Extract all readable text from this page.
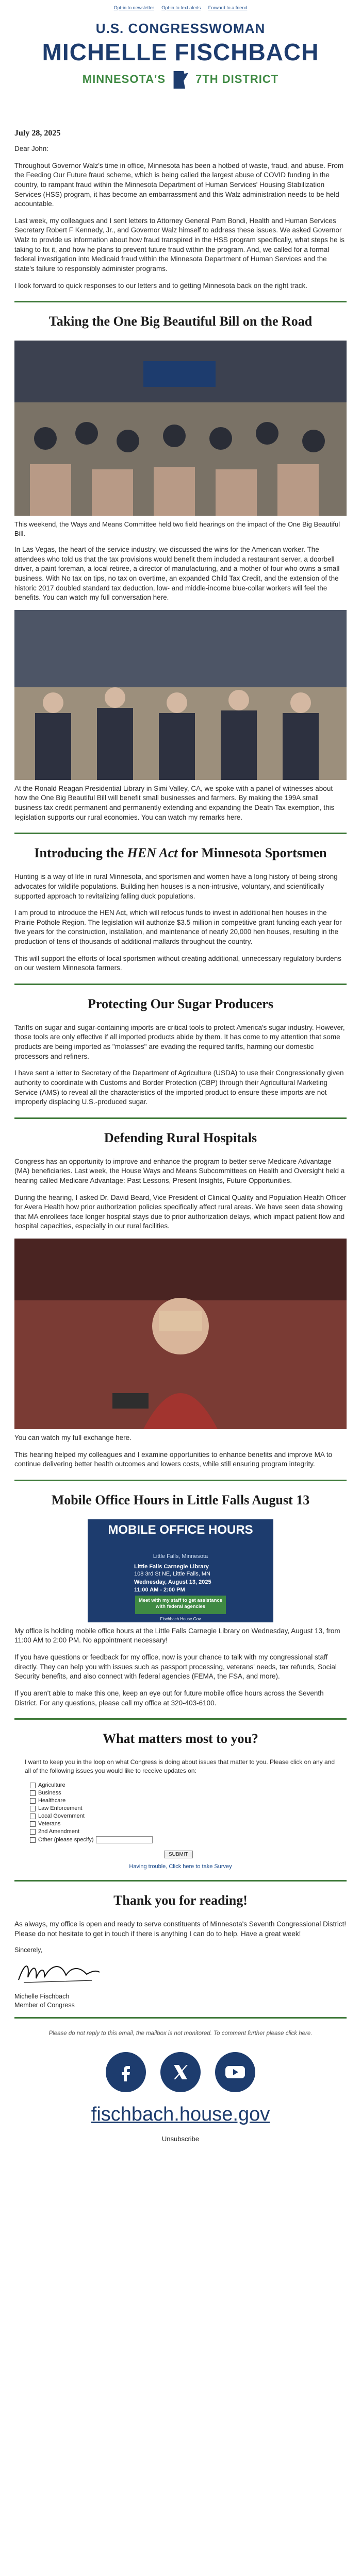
Opt-in to newsletter Opt-in to text alerts Forward to a friend
U.S. CONGRESSWOMAN
MICHELLE FISCHBACH
MINNESOTA'S	7TH DISTRICT
July 28, 2025

Dear John:

Throughout Governor Walz's time in office, Minnesota has been a hotbed of waste, fraud, and abuse. From the Feeding Our Future fraud scheme, which is being called the largest abuse of COVID funding in the country, to rampant fraud within the Minnesota Department of Human Services' Housing Stabilization Services (HSS) program, it has become an embarrassment and this Walz administration needs to be held accountable.

Last week, my colleagues and I sent letters to Attorney General Pam Bondi, Health and Human Services Secretary Robert F Kennedy, Jr., and Governor Walz himself to address these issues. We asked Governor Walz to provide us information about how fraud transpired in the HSS program specifically, what steps he is taking to fix it, and how he plans to prevent future fraud within the program. And, we called for a formal federal investigation into Medicaid fraud within the Minnesota Department of Human Services and the state's failure to responsibly administer programs.

I look forward to quick responses to our letters and to getting Minnesota back on the right track.

Taking the One Big Beautiful Bill on the Road
This weekend, the Ways and Means Committee held two field hearings on the impact of the One Big Beautiful Bill.

In Las Vegas, the heart of the service industry, we discussed the wins for the American worker. The attendees who told us that the tax provisions would benefit them included a restaurant server, a doorbell driver, a paint foreman, a local retiree, a director of manufacturing, and a mother of four who owns a small business. With No tax on tips, no tax on overtime, an expanded Child Tax Credit, and the extension of the historic 2017 doubled standard tax deduction, low- and middle-income blue-collar workers will feel the benefits. You can watch my full conversation here.

At the Ronald Reagan Presidential Library in Simi Valley, CA, we spoke with a panel of witnesses about how the One Big Beautiful Bill will benefit small businesses and farmers. By making the 199A small business tax credit permanent and permanently extending and expanding the Death Tax exemption, this legislation supports our rural economies. You can watch my remarks here.

Introducing the HEN Act for Minnesota Sportsmen

Hunting is a way of life in rural Minnesota, and sportsmen and women have a long history of being strong advocates for wildlife populations. Building hen houses is a non-intrusive, voluntary, and scientifically supported approach to revitalizing falling duck populations.

I am proud to introduce the HEN Act, which will refocus funds to invest in additional hen houses in the Prairie Pothole Region. The legislation will authorize $3.5 million in competitive grant funding each year for five years for the construction, installation, and maintenance of nearly 20,000 hen houses, resulting in the production of tens of thousands of additional mallards throughout the country.

This will support the efforts of local sportsmen without creating additional, unnecessary regulatory burdens on our western Minnesota farmers.

Protecting Our Sugar Producers

Tariffs on sugar and sugar-containing imports are critical tools to protect America's sugar industry. However, those tools are only effective if all imported products abide by them. It has come to my attention that some products are being imported as "molasses" are evading the required tariffs, harming our domestic processors and refiners.

I have sent a letter to Secretary of the Department of Agriculture (USDA) to use their Congressionally given authority to coordinate with Customs and Border Protection (CBP) through their Agricultural Marketing Service (AMS) to reveal all the characteristics of the imported product to ensure these imports are not improperly displacing U.S.-produced sugar.

Defending Rural Hospitals

Congress has an opportunity to improve and enhance the program to better serve Medicare Advantage (MA) beneficiaries. Last week, the House Ways and Means Subcommittees on Health and Oversight held a hearing called Medicare Advantage: Past Lessons, Present Insights, Future Opportunities.

During the hearing, I asked Dr. David Beard, Vice President of Clinical Quality and Population Health Officer for Avera Health how prior authorization policies specifically affect rural areas. We have seen data showing that MA enrollees face longer hospital stays due to prior authorization delays, which impact patient flow and hospital capacities, especially in our rural facilities.

You can watch my full exchange here.

This hearing helped my colleagues and I examine opportunities to enhance benefits and improve MA to continue delivering better health outcomes and lowers costs, while still ensuring program integrity.

Mobile Office Hours in Little Falls August 13
MOBILE OFFICE HOURS
Little Falls, Minnesota
Little Falls Carnegie Library
108 3rd St NE, Little Falls, MN
Wednesday, August 13, 2025
11:00 AM - 2:00 PM
Meet with my staff to get assistance with federal agencies
Fischbach.House.Gov

My office is holding mobile office hours at the Little Falls Carnegie Library on Wednesday, August 13, from 11:00 AM to 2:00 PM. No appointment necessary!

If you have questions or feedback for my office, now is your chance to talk with my congressional staff directly. They can help you with issues such as passport processing, veterans' needs, tax refunds, Social Security benefits, and also connect with federal agencies (FEMA, the FSA, and more).

If you aren't able to make this one, keep an eye out for future mobile office hours across the Seventh District. For any questions, please call my office at 320-403-6100.

What matters most to you?

I want to keep you in the loop on what Congress is doing about issues that matter to you. Please click on any and all of the following issues you would like to receive updates on:

Agriculture
Business
Healthcare
Law Enforcement
Local Government
Veterans
2nd Amendment
Other (please specify)
SUBMIT
Having trouble, Click here to take Survey
Thank you for reading!

As always, my office is open and ready to serve constituents of Minnesota's Seventh Congressional District! Please do not hesitate to get in touch if there is anything I can do to help. Have a great week!

Sincerely,
Michelle Fischbach
Member of Congress
Please do not reply to this email, the mailbox is not monitored. To comment further please click here.
fischbach.house.gov
Unsubscribe
